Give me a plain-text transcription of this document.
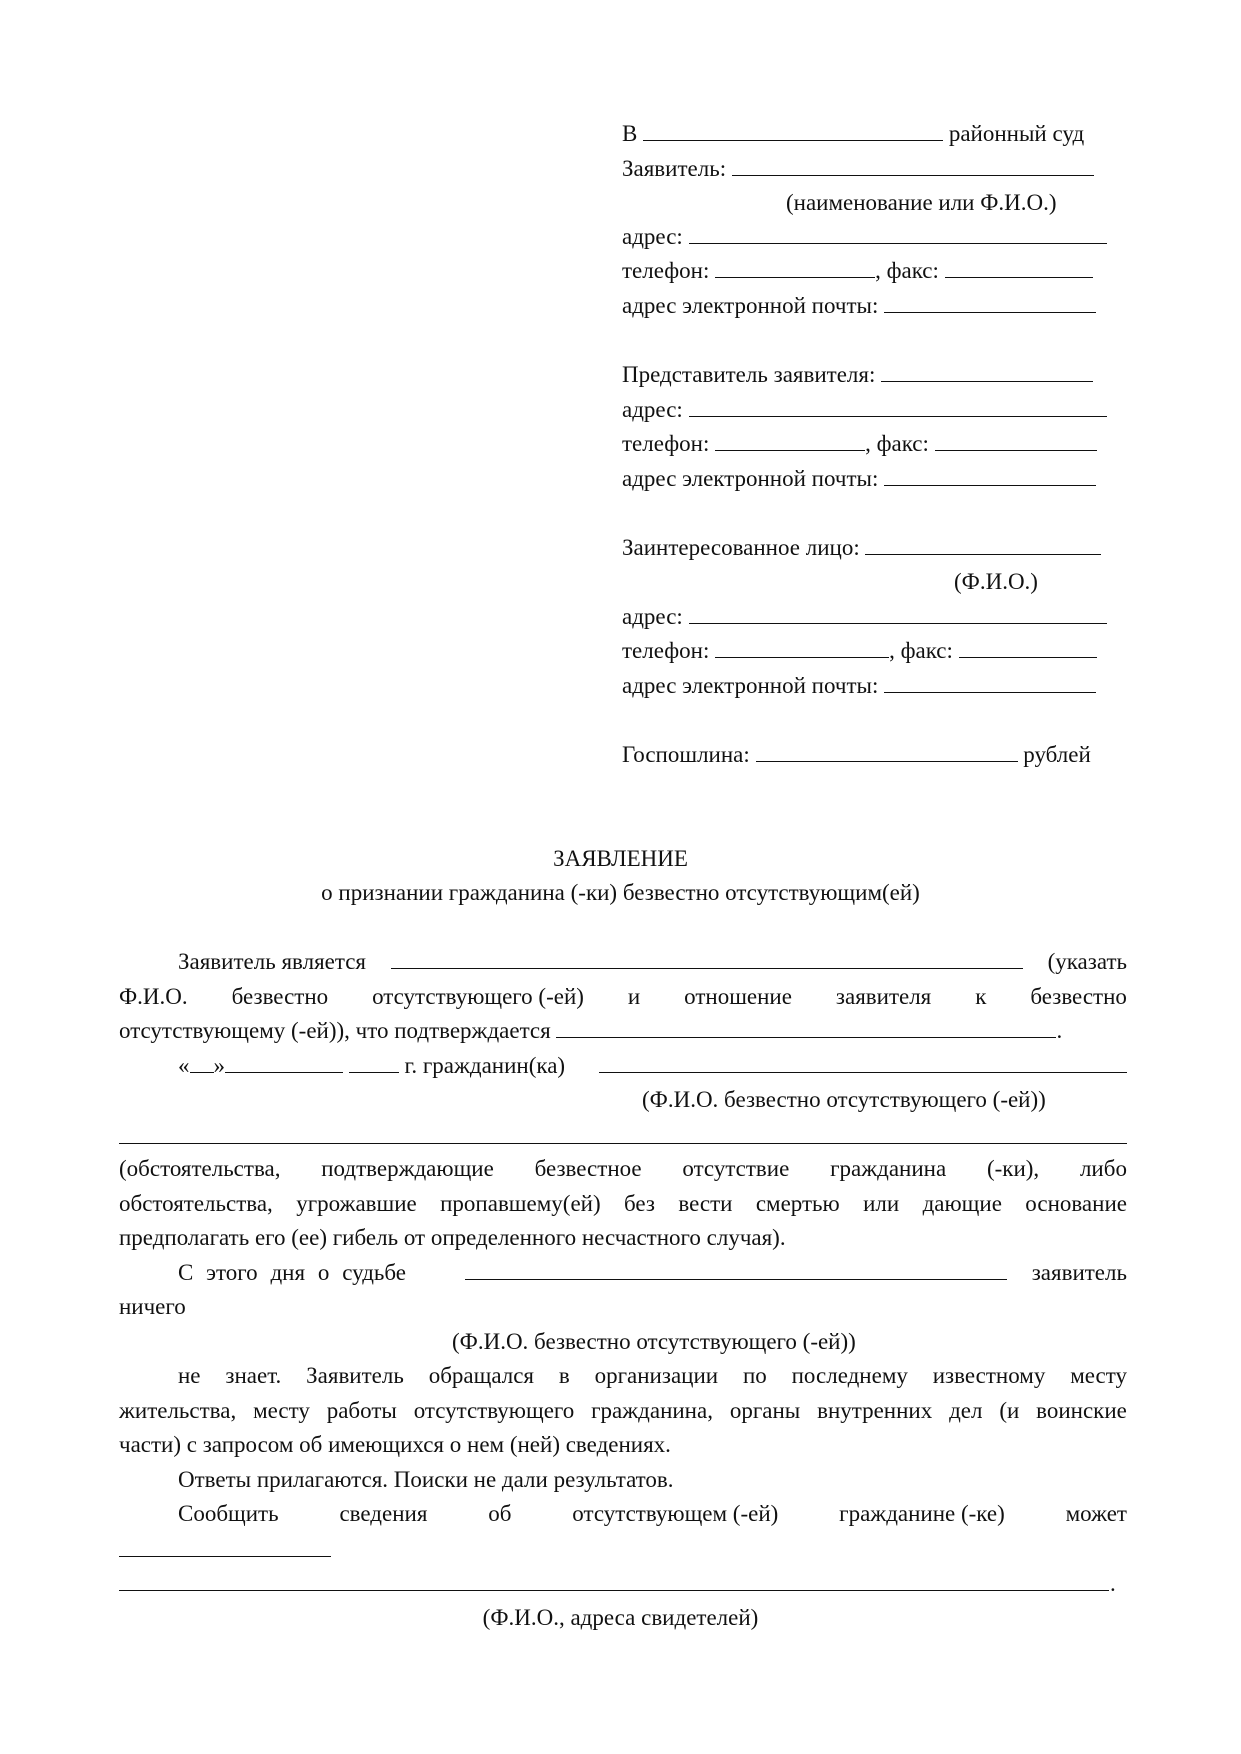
В	районный суд
Заявитель:
(наименование или Ф.И.О.)
адрес:
телефон:	, факс:
адрес электронной почты:
Представитель заявителя:
адрес:
телефон:	, факс:
адрес электронной почты:
Заинтересованное лицо:
(Ф.И.О.)
адрес:
телефон:	, факс:
адрес электронной почты:
Госпошлина:	рублей
ЗАЯВЛЕНИЕ
о признании гражданина (-ки) безвестно отсутствующим(ей)
Заявитель является	(указать
Ф.И.О. безвестно отсутствующего (-ей) и отношение заявителя к безвестно
отсутствующему (-ей)), что подтверждается	.
« »	г. гражданин(ка)
(Ф.И.О. безвестно отсутствующего (-ей))
(обстоятельства, подтверждающие безвестное отсутствие гражданина (-ки), либо
обстоятельства, угрожавшие пропавшему(ей) без вести смертью или дающие основание
предполагать его (ее) гибель от определенного несчастного случая).
С этого дня о судьбе	заявитель
ничего
(Ф.И.О. безвестно отсутствующего (-ей))
не знает. Заявитель обращался в организации по последнему известному месту
жительства, месту работы отсутствующего гражданина, органы внутренних дел (и воинские
части) с запросом об имеющихся о нем (ней) сведениях.
Ответы прилагаются. Поиски не дали результатов.
Сообщить	сведения	об	отсутствующем (-ей)	гражданине (-ке)	может
.
(Ф.И.О., адреса свидетелей)
